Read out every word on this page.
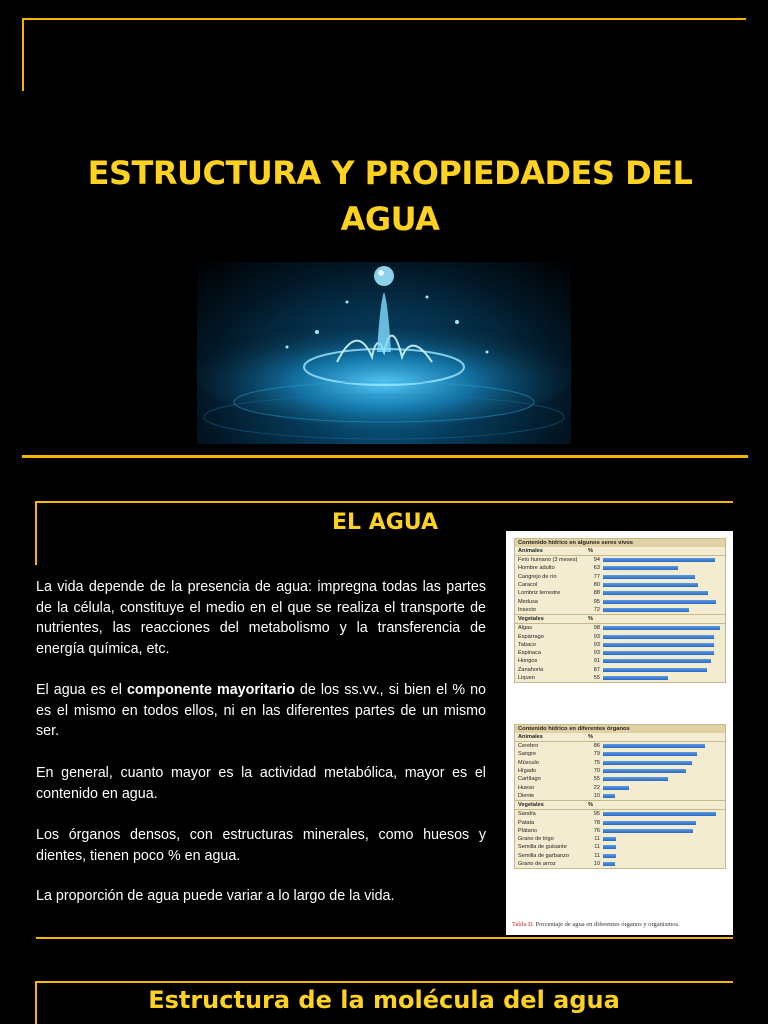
ESTRUCTURA Y PROPIEDADES DEL
AGUA
EL AGUA
La vida depende de la presencia de agua: impregna todas las partes de la célula, constituye el medio en el que se realiza el transporte de nutrientes, las reacciones del metabolismo y la transferencia de energía química, etc.
El agua es el componente mayoritario de los ss.vv., si bien el % no es el mismo en todos ellos, ni en las diferentes partes de un mismo ser.
En general, cuanto mayor es la actividad metabólica, mayor es el contenido en agua.
Los órganos densos, con estructuras minerales, como huesos y dientes, tienen poco % en agua.
La proporción de agua puede variar a lo largo de la vida.
Contenido hídrico en algunos seres vivos
Animales	%
Feto humano (3 meses)	94
Hombre adulto	63
Cangrejo de río	77
Caracol	80
Lombriz terrestre	88
Medusa	95
Insecto	72
Vegetales	%
Algas	98
Espárrago	93
Tabaco	93
Espinaca	93
Hongos	91
Zanahoria	87
Liquen	55
Contenido hídrico en diferentes órganos
Animales	%
Cerebro	86
Sangre	79
Músculo	75
Hígado	70
Cartílago	55
Hueso	22
Diente	10
Vegetales	%
Sandía	95
Patata	78
Plátano	76
Grano de trigo	11
Semilla de guisante	11
Semilla de garbanzo	11
Grano de arroz	10
Tabla II. Porcentaje de agua en diferentes órganos y organismos.
Estructura de la molécula del agua
